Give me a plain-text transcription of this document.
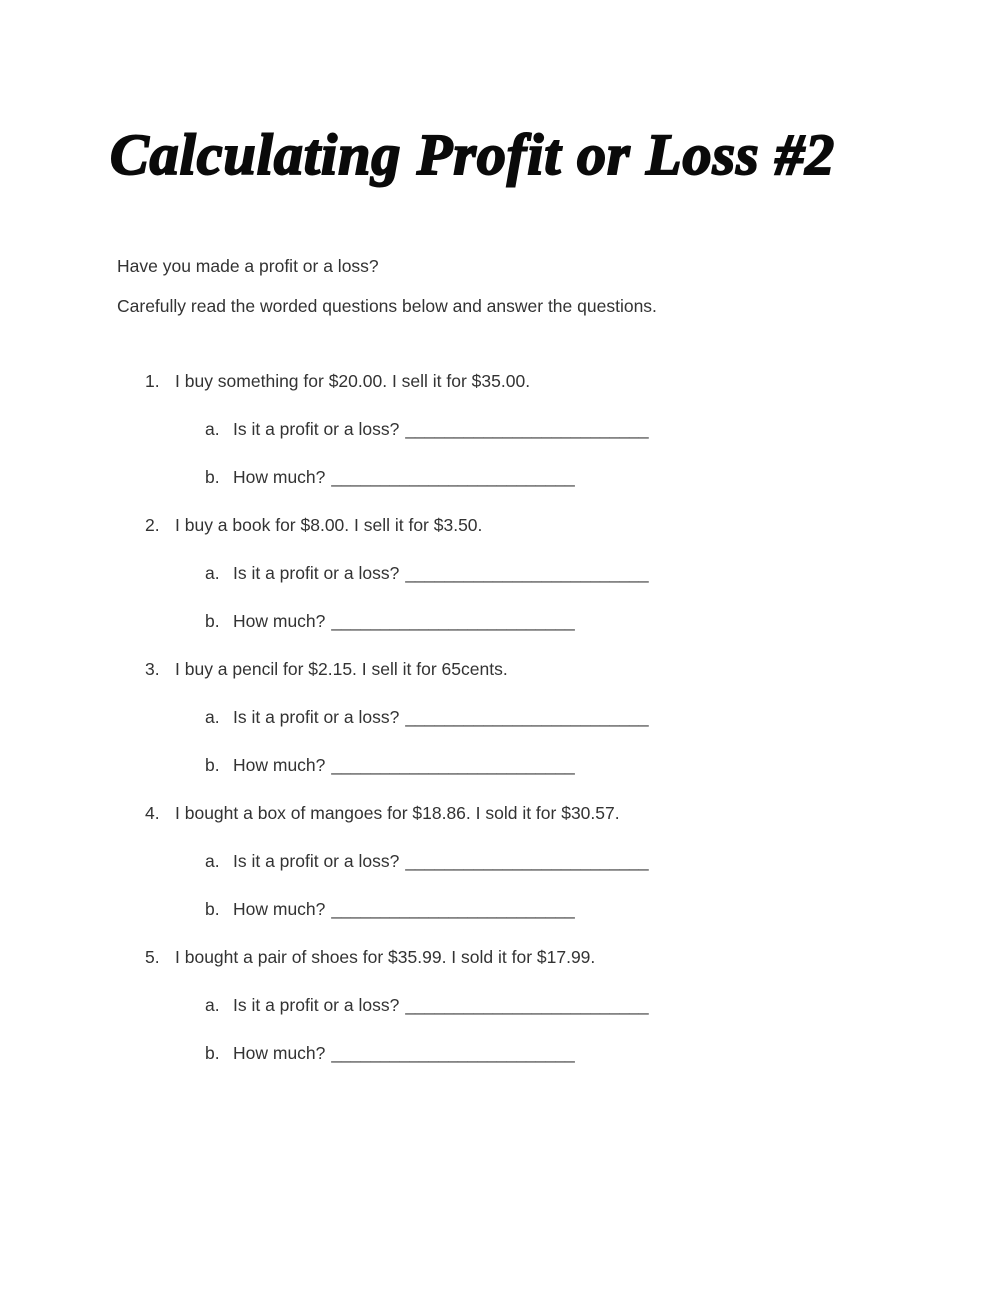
Calculating Profit or Loss #2
Have you made a profit or a loss?
Carefully read the worded questions below and answer the questions.
1. I buy something for $20.00. I sell it for $35.00.
a. Is it a profit or a loss? _________________________
b. How much? _________________________
2. I buy a book for $8.00. I sell it for $3.50.
a. Is it a profit or a loss? _________________________
b. How much? _________________________
3. I buy a pencil for $2.15. I sell it for 65cents.
a. Is it a profit or a loss? _________________________
b. How much? _________________________
4. I bought a box of mangoes for $18.86. I sold it for $30.57.
a. Is it a profit or a loss? _________________________
b. How much? _________________________
5. I bought a pair of shoes for $35.99. I sold it for $17.99.
a. Is it a profit or a loss? _________________________
b. How much? _________________________
